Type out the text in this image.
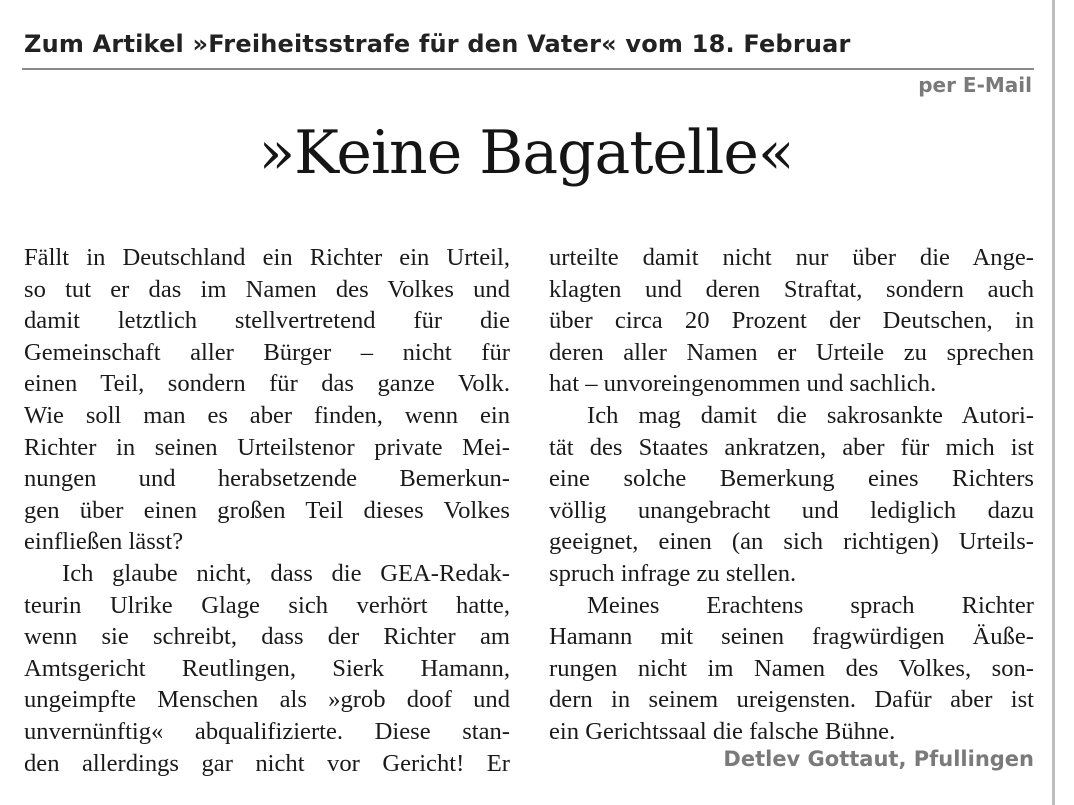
Zum Artikel »Freiheitsstrafe für den Vater« vom 18. Februar
per E-Mail
»Keine Bagatelle«
Fällt in Deutschland ein Richter ein Urteil,
so tut er das im Namen des Volkes und
damit letztlich stellvertretend für die
Gemeinschaft aller Bürger – nicht für
einen Teil, sondern für das ganze Volk.
Wie soll man es aber finden, wenn ein
Richter in seinen Urteilstenor private Mei-
nungen und herabsetzende Bemerkun-
gen über einen großen Teil dieses Volkes
einfließen lässt?
Ich glaube nicht, dass die GEA-Redak-
teurin Ulrike Glage sich verhört hatte,
wenn sie schreibt, dass der Richter am
Amtsgericht Reutlingen, Sierk Hamann,
ungeimpfte Menschen als »grob doof und
unvernünftig« abqualifizierte. Diese stan-
den allerdings gar nicht vor Gericht! Er
urteilte damit nicht nur über die Ange-
klagten und deren Straftat, sondern auch
über circa 20 Prozent der Deutschen, in
deren aller Namen er Urteile zu sprechen
hat – unvoreingenommen und sachlich.
Ich mag damit die sakrosankte Autori-
tät des Staates ankratzen, aber für mich ist
eine solche Bemerkung eines Richters
völlig unangebracht und lediglich dazu
geeignet, einen (an sich richtigen) Urteils-
spruch infrage zu stellen.
Meines Erachtens sprach Richter
Hamann mit seinen fragwürdigen Äuße-
rungen nicht im Namen des Volkes, son-
dern in seinem ureigensten. Dafür aber ist
ein Gerichtssaal die falsche Bühne.
Detlev Gottaut, Pfullingen
